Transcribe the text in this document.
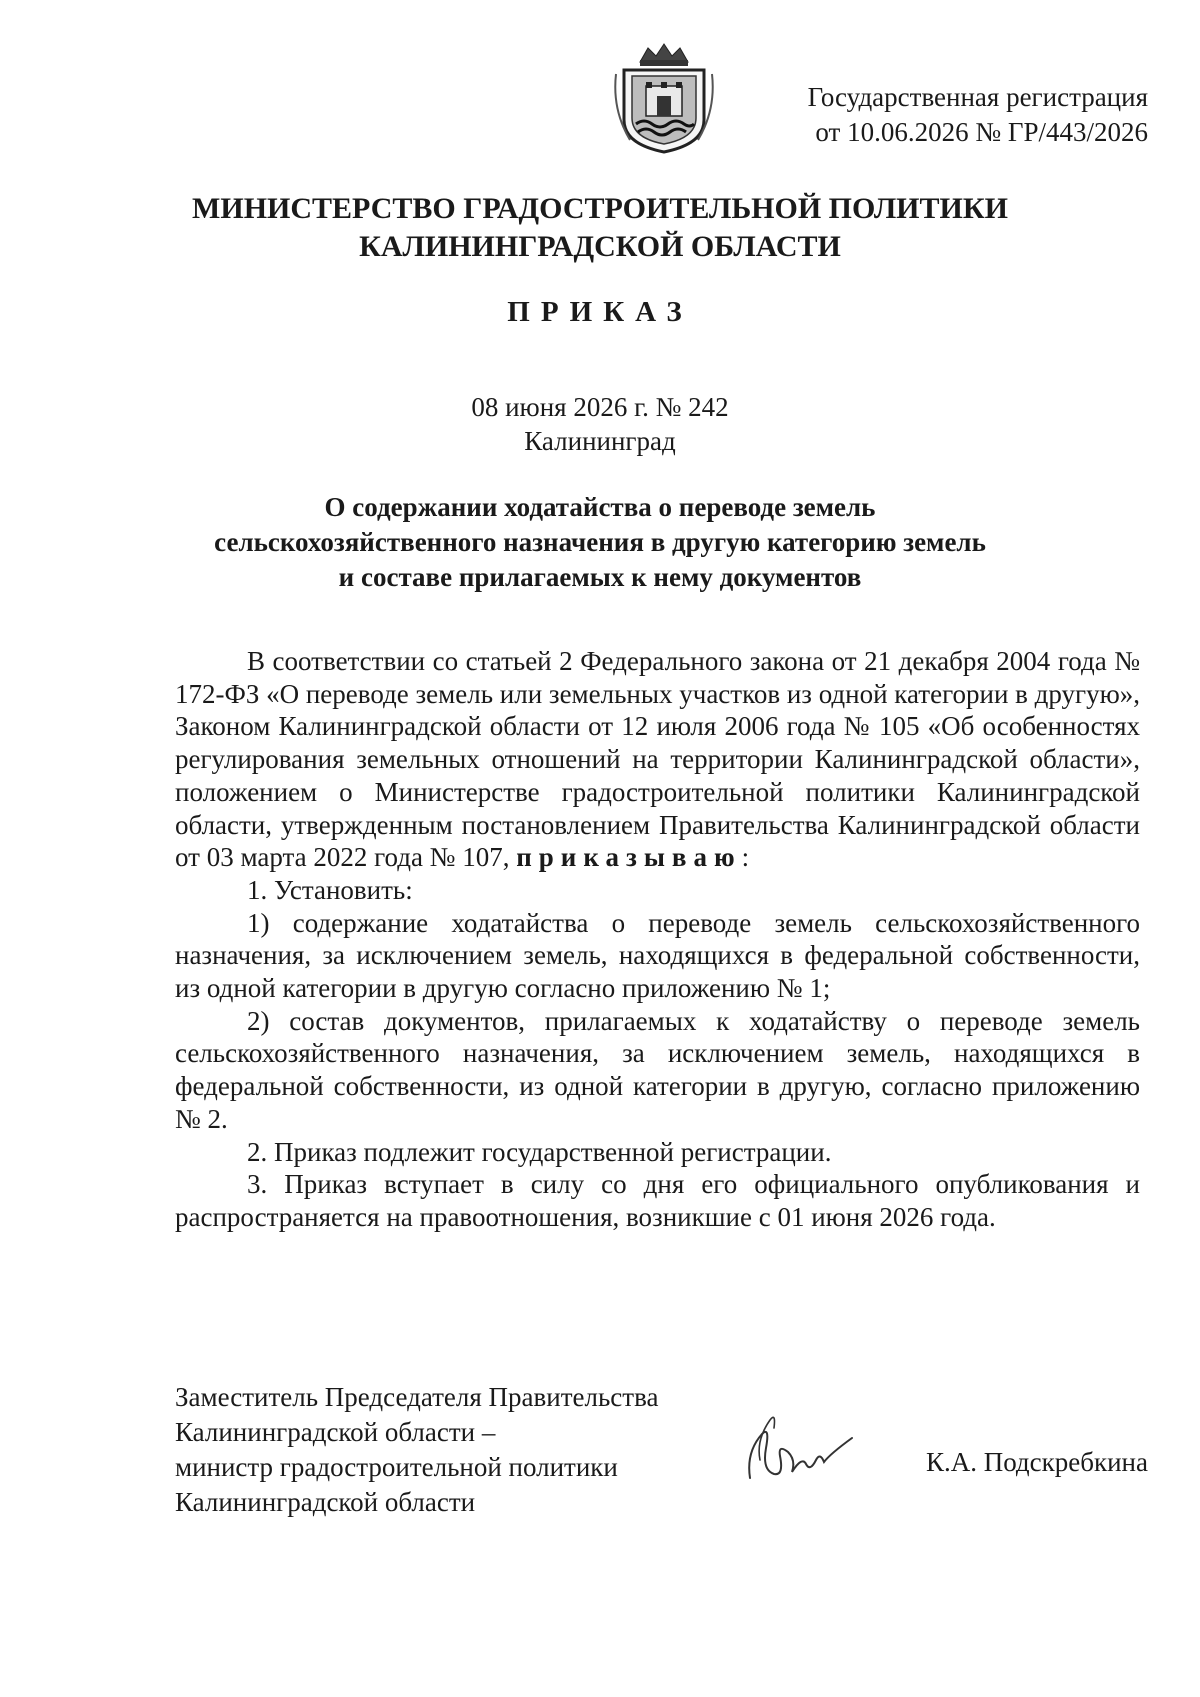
Государственная регистрация
от 10.06.2026 № ГР/443/2026
МИНИСТЕРСТВО ГРАДОСТРОИТЕЛЬНОЙ ПОЛИТИКИ
КАЛИНИНГРАДСКОЙ ОБЛАСТИ
ПРИКАЗ
08 июня 2026 г. № 242
Калининград
О содержании ходатайства о переводе земель
сельскохозяйственного назначения в другую категорию земель
и составе прилагаемых к нему документов

В соответствии со статьей 2 Федерального закона от 21 декабря 2004 года № 172-ФЗ «О переводе земель или земельных участков из одной категории в другую», Законом Калининградской области от 12 июля 2006 года № 105 «Об особенностях регулирования земельных отношений на территории Калининградской области», положением о Министерстве градостроительной политики Калининградской области, утвержденным постановлением Правительства Калининградской области от 03 марта 2022 года № 107, приказываю:

1. Установить:

1) содержание ходатайства о переводе земель сельскохозяйственного назначения, за исключением земель, находящихся в федеральной собственности, из одной категории в другую согласно приложению № 1;

2) состав документов, прилагаемых к ходатайству о переводе земель сельскохозяйственного назначения, за исключением земель, находящихся в федеральной собственности, из одной категории в другую, согласно приложению № 2.

2. Приказ подлежит государственной регистрации.

3. Приказ вступает в силу со дня его официального опубликования и распространяется на правоотношения, возникшие с 01 июня 2026 года.

Заместитель Председателя Правительства
Калининградской области –
министр градостроительной политики
Калининградской области
К.А. Подскребкина
